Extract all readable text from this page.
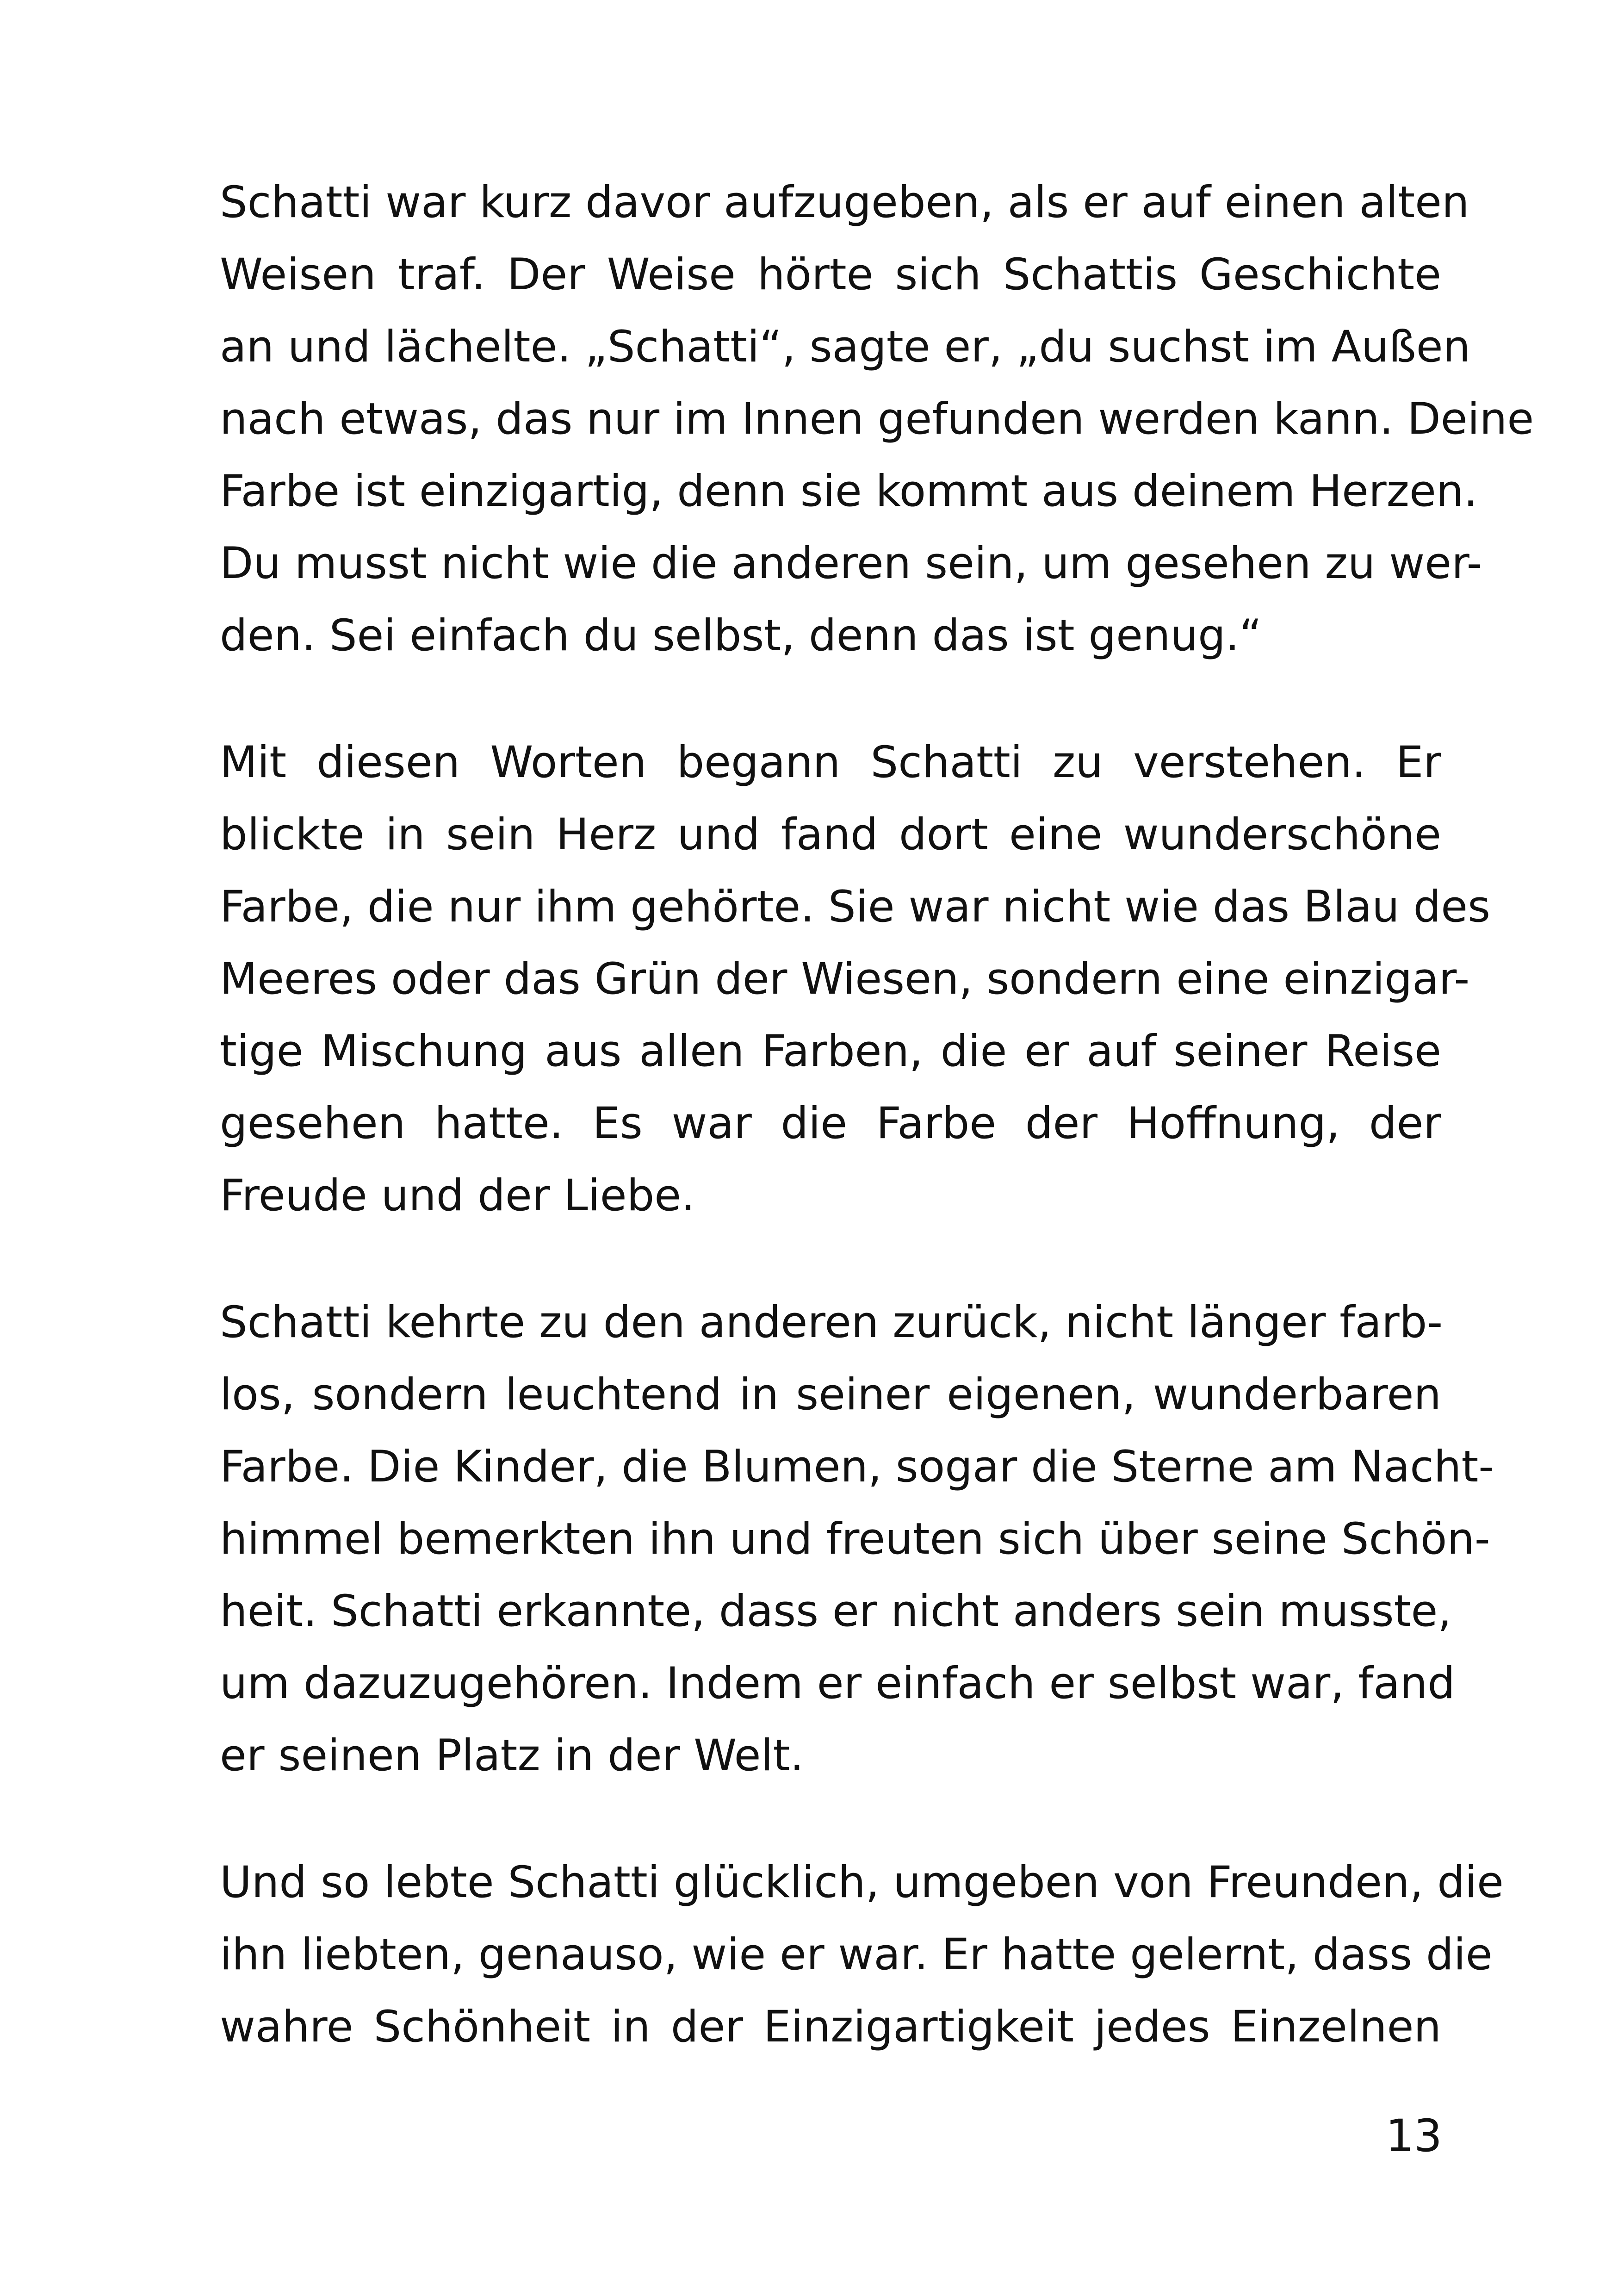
Schatti war kurz davor aufzugeben, als er auf einen alten
Weisen traf. Der Weise hörte sich Schattis Geschichte
an und lächelte. „Schatti“, sagte er, „du suchst im Außen
nach etwas, das nur im Innen gefunden werden kann. Deine
Farbe ist einzigartig, denn sie kommt aus deinem Herzen.
Du musst nicht wie die anderen sein, um gesehen zu wer-
den. Sei einfach du selbst, denn das ist genug.“
Mit diesen Worten begann Schatti zu verstehen. Er
blickte in sein Herz und fand dort eine wunderschöne
Farbe, die nur ihm gehörte. Sie war nicht wie das Blau des
Meeres oder das Grün der Wiesen, sondern eine einzigar-
tige Mischung aus allen Farben, die er auf seiner Reise
gesehen hatte. Es war die Farbe der Hoffnung, der
Freude und der Liebe.
Schatti kehrte zu den anderen zurück, nicht länger farb-
los, sondern leuchtend in seiner eigenen, wunderbaren
Farbe. Die Kinder, die Blumen, sogar die Sterne am Nacht-
himmel bemerkten ihn und freuten sich über seine Schön-
heit. Schatti erkannte, dass er nicht anders sein musste,
um dazuzugehören. Indem er einfach er selbst war, fand
er seinen Platz in der Welt.
Und so lebte Schatti glücklich, umgeben von Freunden, die
ihn liebten, genauso, wie er war. Er hatte gelernt, dass die
wahre Schönheit in der Einzigartigkeit jedes Einzelnen
13
